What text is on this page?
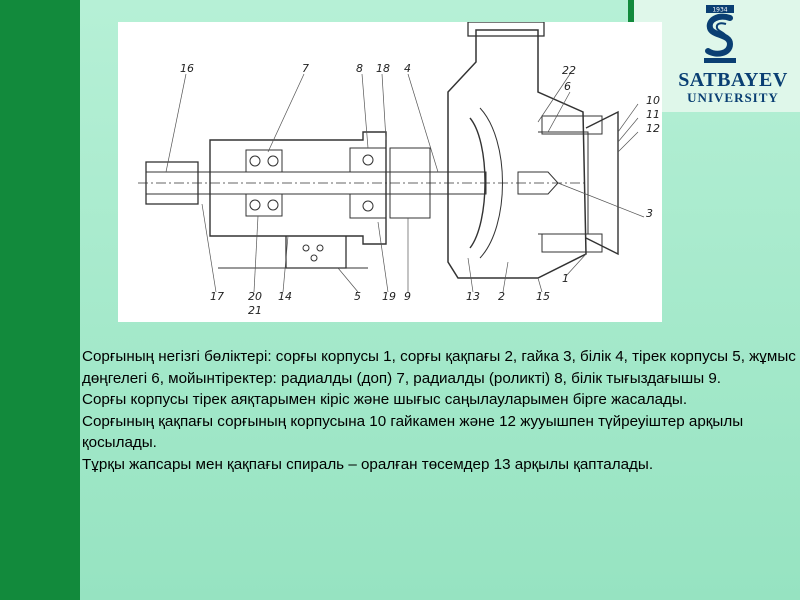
1934
SATBAYEV
UNIVERSITY
16	7	8 18 4	22
6
10
11
12
3
1
15
2
13
9
19
5
14
20
21
17

Сорғының негізгі бөліктері: сорғы корпусы 1, сорғы қақпағы 2, гайка 3, білік 4, тірек корпусы 5, жұмыс дөңгелегі 6, мойынтіректер: радиалды (доп) 7, радиалды (роликті) 8, білік тығыздағышы 9.

Сорғы корпусы тірек аяқтарымен кіріс және шығыс саңылауларымен бірге жасалады.

Сорғының қақпағы сорғының корпусына 10 гайкамен және 12 жууышпен түйреуіштер арқылы қосылады.

Тұрқы жапсары мен қақпағы спираль – оралған төсемдер 13 арқылы қапталады.
